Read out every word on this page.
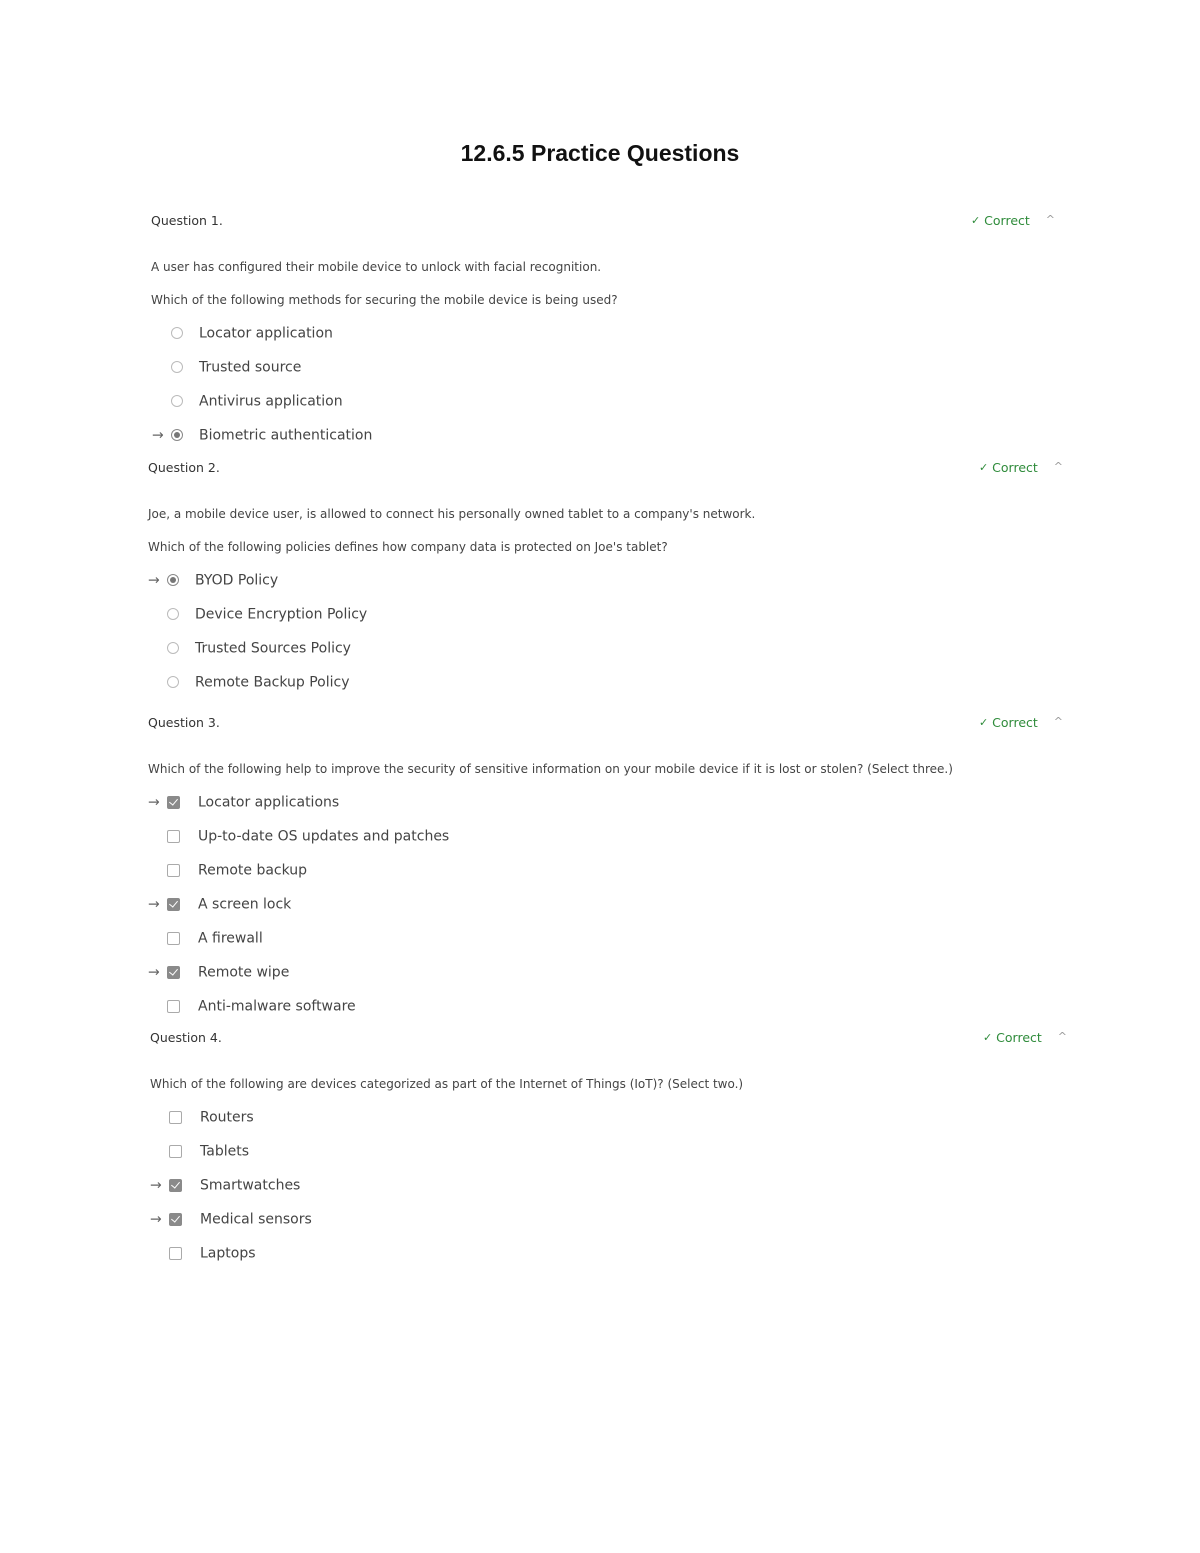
12.6.5 Practice Questions
Question 1.	✓ Correct ^
A user has configured their mobile device to unlock with facial recognition.
Which of the following methods for securing the mobile device is being used?
Locator application
Trusted source
Antivirus application
→	Biometric authentication
Question 2.	✓ Correct ^
Joe, a mobile device user, is allowed to connect his personally owned tablet to a company's network.
Which of the following policies defines how company data is protected on Joe's tablet?
→	BYOD Policy
Device Encryption Policy
Trusted Sources Policy
Remote Backup Policy
Question 3.	✓ Correct ^
Which of the following help to improve the security of sensitive information on your mobile device if it is lost or stolen? (Select three.)
→	Locator applications
Up-to-date OS updates and patches
Remote backup
→	A screen lock
A firewall
→	Remote wipe
Anti-malware software
Question 4.	✓ Correct ^
Which of the following are devices categorized as part of the Internet of Things (IoT)? (Select two.)
Routers
Tablets
→	Smartwatches
→	Medical sensors
Laptops
